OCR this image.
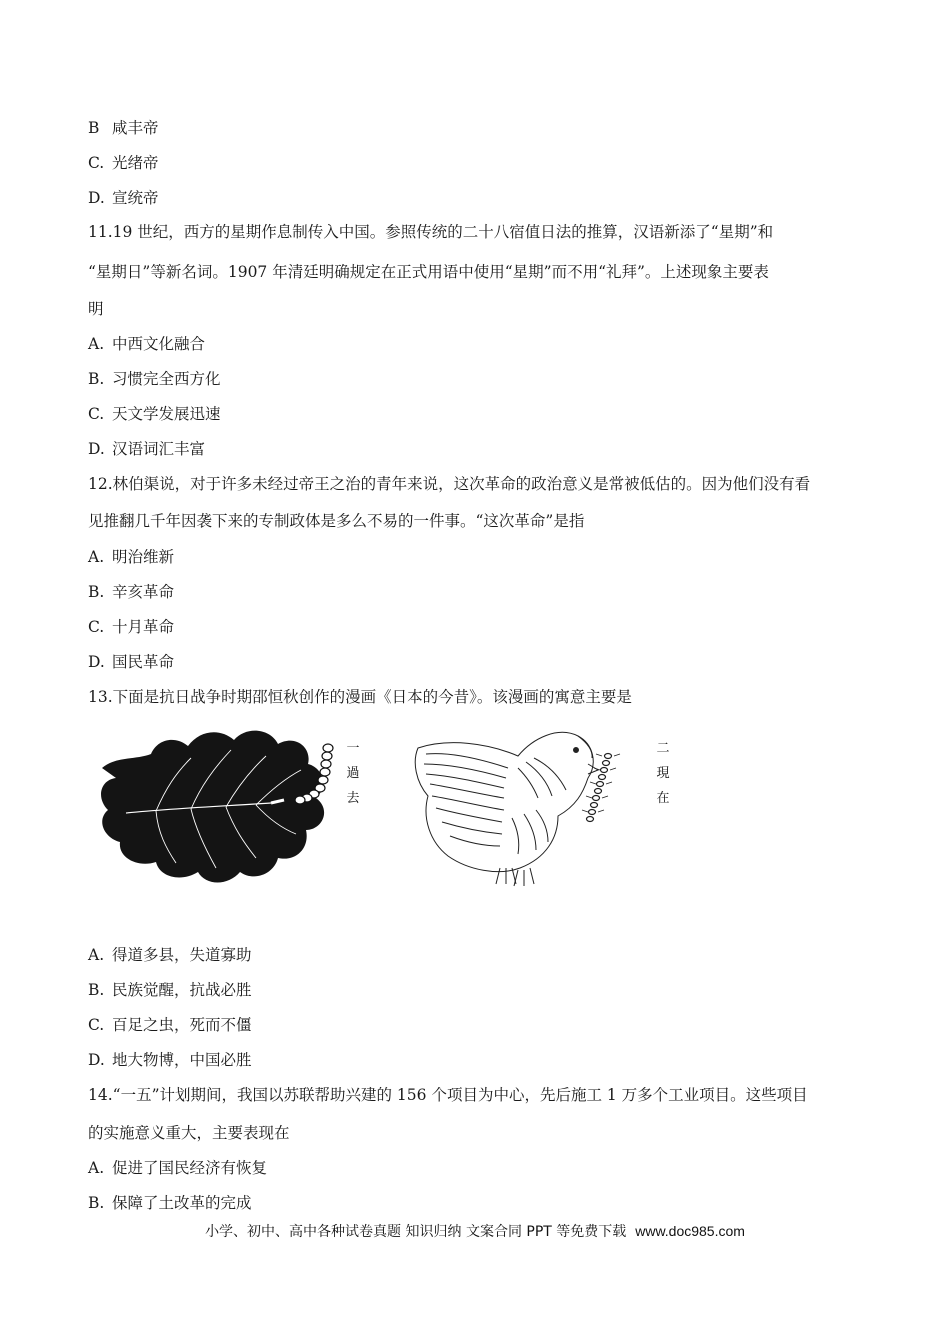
B 咸丰帝
C. 光绪帝
D. 宣统帝
11.19 世纪，西方的星期作息制传入中国。参照传统的二十八宿值日法的推算，汉语新添了“星期”和
“星期日”等新名词。1907 年清廷明确规定在正式用语中使用“星期”而不用“礼拜”。上述现象主要表
明
A. 中西文化融合
B. 习惯完全西方化
C. 天文学发展迅速
D. 汉语词汇丰富
12.林伯渠说，对于许多未经过帝王之治的青年来说，这次革命的政治意义是常被低估的。因为他们没有看
见推翻几千年因袭下来的专制政体是多么不易的一件事。“这次革命”是指
A. 明治维新
B. 辛亥革命
C. 十月革命
D. 国民革命
13.下面是抗日战争时期邵恒秋创作的漫画《日本的今昔》。该漫画的寓意主要是
一
過
去
二
現
在
A. 得道多县，失道寡助
B. 民族觉醒，抗战必胜
C. 百足之虫，死而不僵
D. 地大物博，中国必胜
14.“一五”计划期间，我国以苏联帮助兴建的 156 个项目为中心，先后施工 1 万多个工业项目。这些项目
的实施意义重大，主要表现在
A. 促进了国民经济有恢复
B. 保障了土改革的完成
小学、初中、高中各种试卷真题 知识归纳 文案合同 PPT 等免费下载 www.doc985.com
